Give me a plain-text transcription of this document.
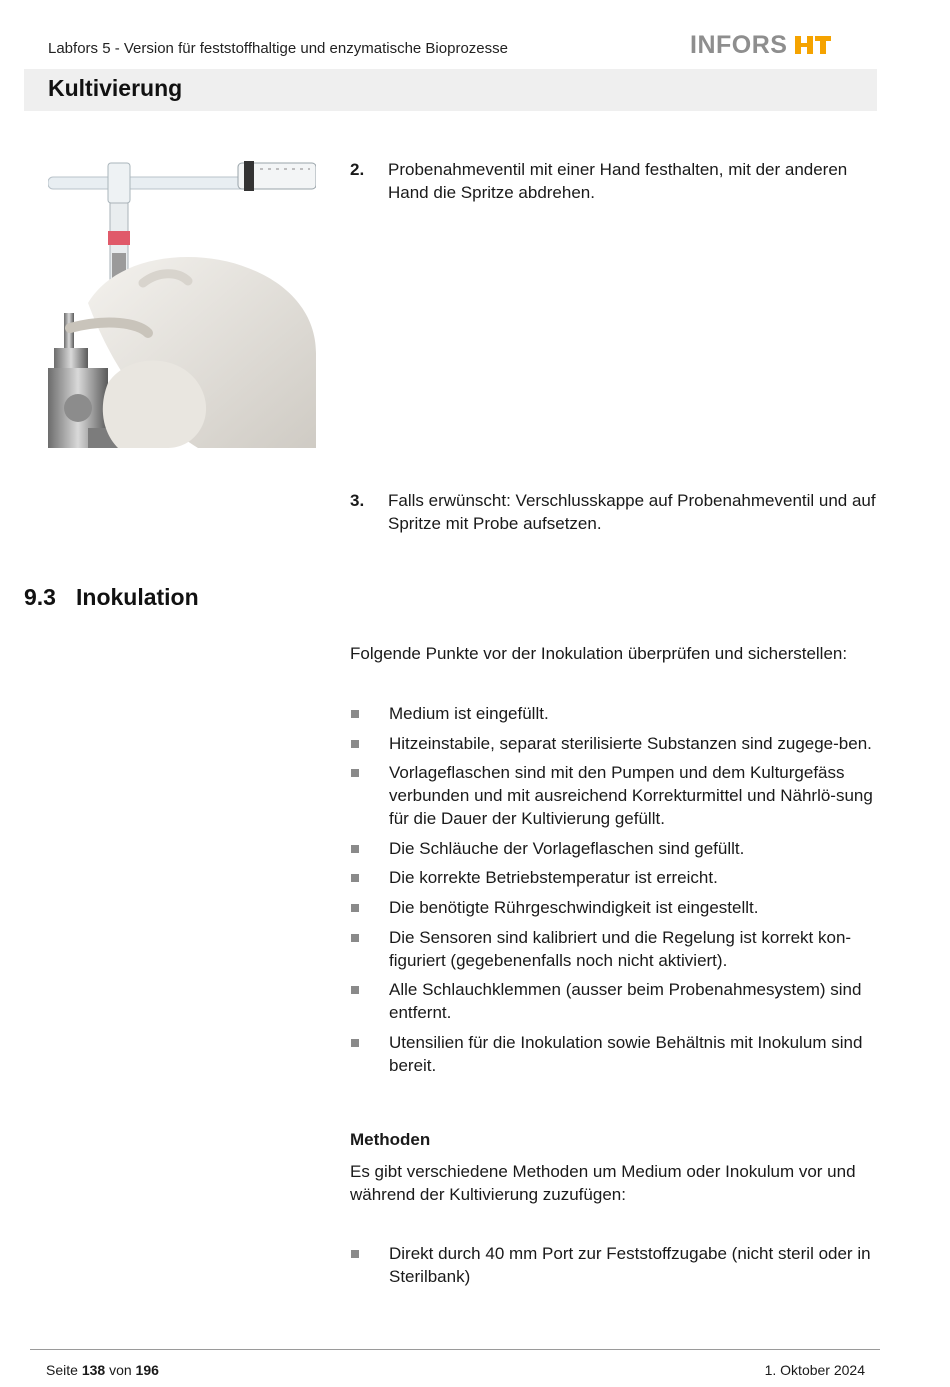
Labfors 5 - Version für feststoffhaltige und enzymatische Bioprozesse	INFORS
Kultivierung
2.	Probenahmeventil mit einer Hand festhalten, mit der anderen Hand die Spritze abdrehen.
3.	Falls erwünscht: Verschlusskappe auf Probenahmeventil und auf Spritze mit Probe aufsetzen.
9.3 Inokulation
Folgende Punkte vor der Inokulation überprüfen und sicherstellen:
Medium ist eingefüllt.
Hitzeinstabile, separat sterilisierte Substanzen sind zugege-ben.
Vorlageflaschen sind mit den Pumpen und dem Kulturgefäss verbunden und mit ausreichend Korrekturmittel und Nährlö-sung für die Dauer der Kultivierung gefüllt.
Die Schläuche der Vorlageflaschen sind gefüllt.
Die korrekte Betriebstemperatur ist erreicht.
Die benötigte Rührgeschwindigkeit ist eingestellt.
Die Sensoren sind kalibriert und die Regelung ist korrekt kon-figuriert (gegebenenfalls noch nicht aktiviert).
Alle Schlauchklemmen (ausser beim Probenahmesystem) sind entfernt.
Utensilien für die Inokulation sowie Behältnis mit Inokulum sind bereit.
Methoden
Es gibt verschiedene Methoden um Medium oder Inokulum vor und während der Kultivierung zuzufügen:
Direkt durch 40 mm Port zur Feststoffzugabe (nicht steril oder in Sterilbank)
Seite 138 von 196	1. Oktober 2024
